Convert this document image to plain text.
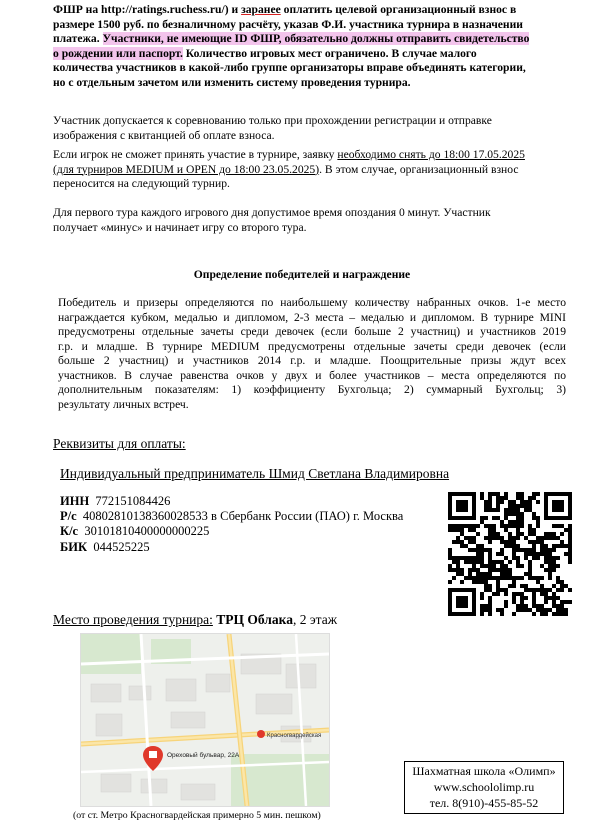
ФШР на http://ratings.ruchess.ru/) и заранее оплатить целевой организационный взнос в
размере 1500 руб. по безналичному расчёту, указав Ф.И. участника турнира в назначении
платежа. Участники, не имеющие ID ФШР, обязательно должны отправить свидетельство
о рождении или паспорт. Количество игровых мест ограничено. В случае малого
количества участников в какой-либо группе организаторы вправе объединять категории,
но с отдельным зачетом или изменить систему проведения турнира.
Участник допускается к соревнованию только при прохождении регистрации и отправке
изображения с квитанцией об оплате взноса.
Если игрок не сможет принять участие в турнире, заявку необходимо снять до 18:00 17.05.2025
(для турниров MEDIUM и OPEN до 18:00 23.05.2025). В этом случае, организационный взнос
переносится на следующий турнир.
Для первого тура каждого игрового дня допустимое время опоздания 0 минут. Участник
получает «минус» и начинает игру со второго тура.
Определение победителей и награждение
Победитель и призеры определяются по наибольшему количеству набранных очков. 1-е место
награждается кубком, медалью и дипломом, 2-3 места – медалью и дипломом. В турнире MINI
предусмотрены отдельные зачеты среди девочек (если больше 2 участниц) и участников 2019
г.р. и младше. В турнире MEDIUM предусмотрены отдельные зачеты среди девочек (если
больше 2 участниц) и участников 2014 г.р. и младше. Поощрительные призы ждут всех
участников. В случае равенства очков у двух и более участников – места определяются по
дополнительным показателям: 1) коэффициенту Бухгольца; 2) суммарный Бухгольц; 3)
результату личных встреч.
Реквизиты для оплаты:
Индивидуальный предприниматель Шмид Светлана Владимировна
ИНН 772151084426
Р/с 40802810138360028533 в Сбербанк России (ПАО) г. Москва
К/с 30101810400000000225
БИК 044525225
Место проведения турнира: ТРЦ Облака, 2 этаж
Красногвардейская
Ореховый бульвар, 22А
(от ст. Метро Красногвардейская примерно 5 мин. пешком)
Шахматная школа «Олимп»
www.schoololimp.ru
тел. 8(910)-455-85-52
